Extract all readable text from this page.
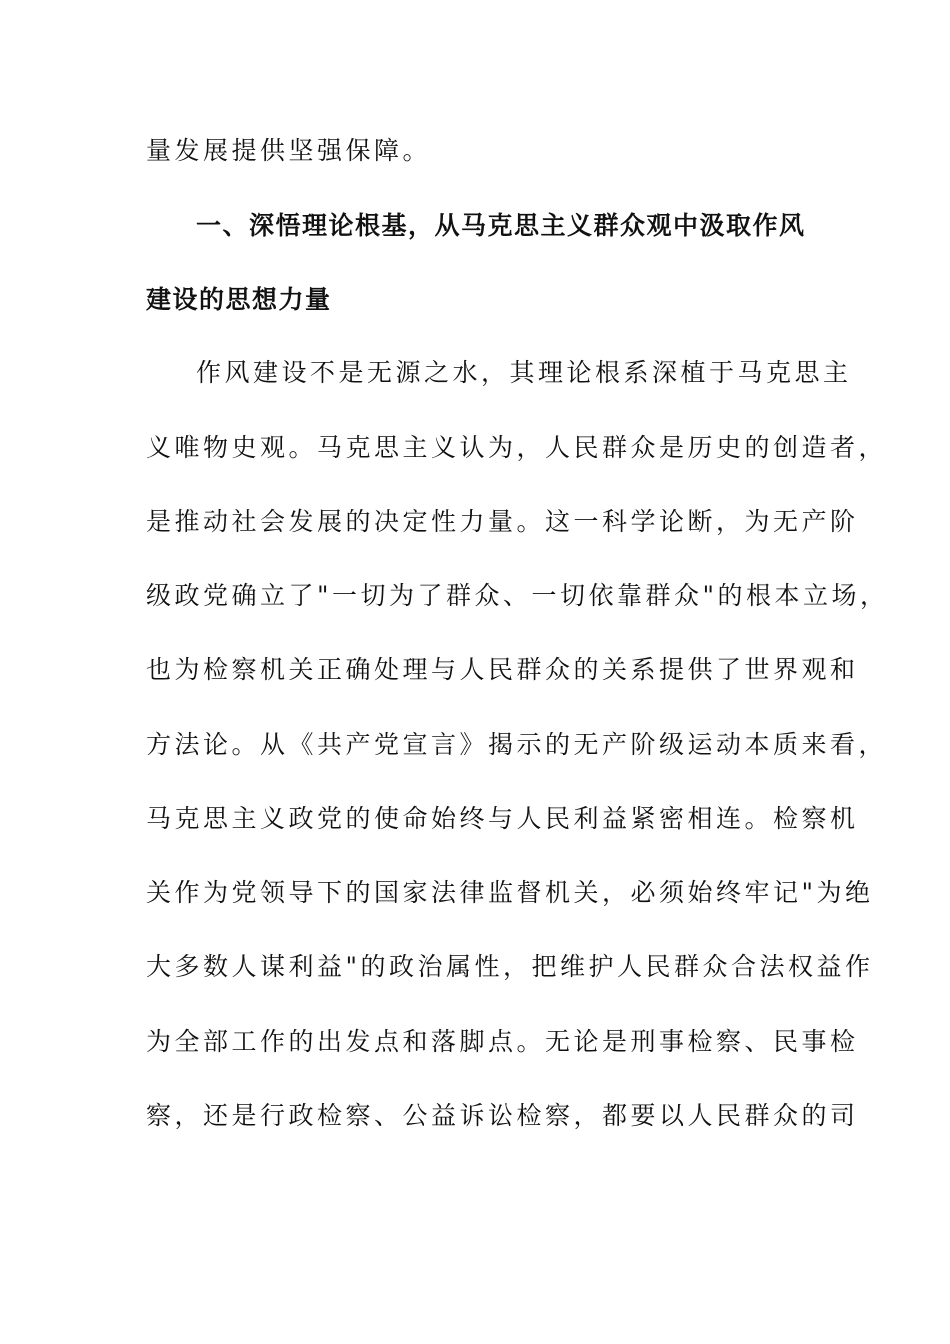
量发展提供坚强保障。
一、深悟理论根基，从马克思主义群众观中汲取作风
建设的思想力量
作风建设不是无源之水，其理论根系深植于马克思主
义唯物史观。马克思主义认为，人民群众是历史的创造者，
是推动社会发展的决定性力量。这一科学论断，为无产阶
级政党确立了"一切为了群众、一切依靠群众"的根本立场，
也为检察机关正确处理与人民群众的关系提供了世界观和
方法论。从《共产党宣言》揭示的无产阶级运动本质来看，
马克思主义政党的使命始终与人民利益紧密相连。检察机
关作为党领导下的国家法律监督机关，必须始终牢记"为绝
大多数人谋利益"的政治属性，把维护人民群众合法权益作
为全部工作的出发点和落脚点。无论是刑事检察、民事检
察，还是行政检察、公益诉讼检察，都要以人民群众的司
